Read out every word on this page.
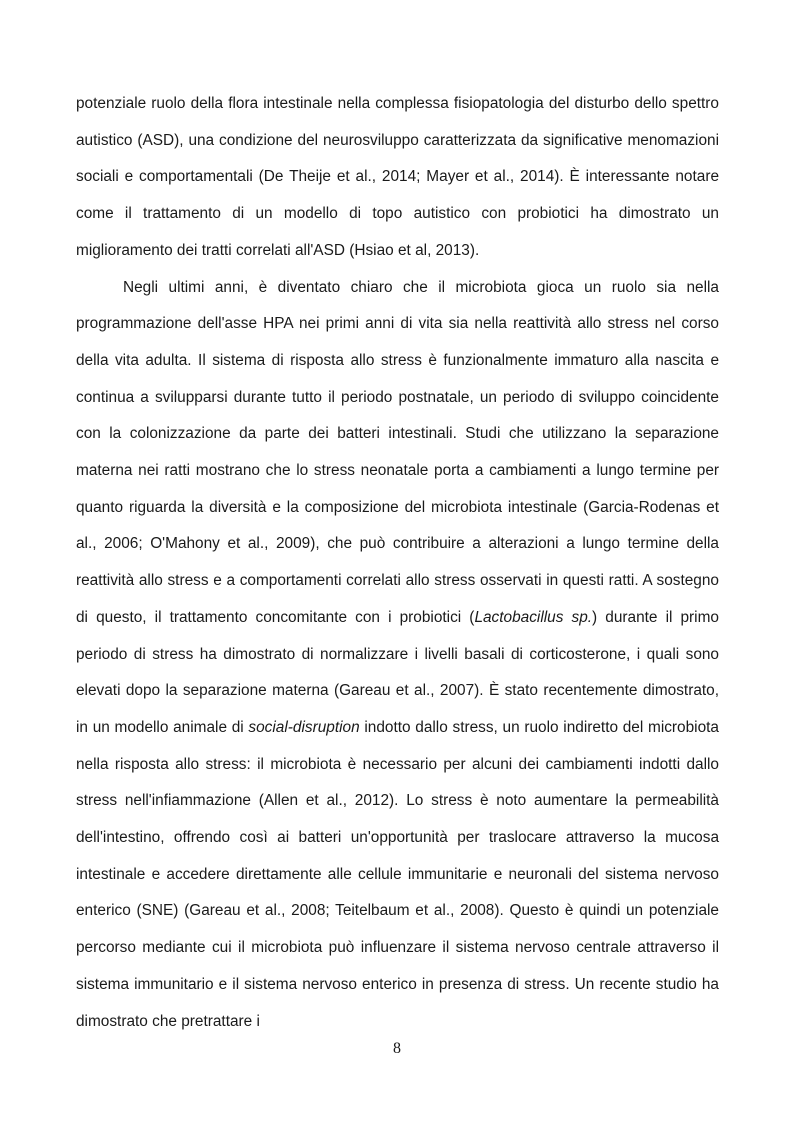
potenziale ruolo della flora intestinale nella complessa fisiopatologia del disturbo dello spettro autistico (ASD), una condizione del neurosviluppo caratterizzata da significative menomazioni sociali e comportamentali (De Theije et al., 2014; Mayer et al., 2014). È interessante notare come il trattamento di un modello di topo autistico con probiotici ha dimostrato un miglioramento dei tratti correlati all'ASD (Hsiao et al, 2013).

Negli ultimi anni, è diventato chiaro che il microbiota gioca un ruolo sia nella programmazione dell'asse HPA nei primi anni di vita sia nella reattività allo stress nel corso della vita adulta. Il sistema di risposta allo stress è funzionalmente immaturo alla nascita e continua a svilupparsi durante tutto il periodo postnatale, un periodo di sviluppo coincidente con la colonizzazione da parte dei batteri intestinali. Studi che utilizzano la separazione materna nei ratti mostrano che lo stress neonatale porta a cambiamenti a lungo termine per quanto riguarda la diversità e la composizione del microbiota intestinale (Garcia-Rodenas et al., 2006; O'Mahony et al., 2009), che può contribuire a alterazioni a lungo termine della reattività allo stress e a comportamenti correlati allo stress osservati in questi ratti. A sostegno di questo, il trattamento concomitante con i probiotici (Lactobacillus sp.) durante il primo periodo di stress ha dimostrato di normalizzare i livelli basali di corticosterone, i quali sono elevati dopo la separazione materna (Gareau et al., 2007). È stato recentemente dimostrato, in un modello animale di social-disruption indotto dallo stress, un ruolo indiretto del microbiota nella risposta allo stress: il microbiota è necessario per alcuni dei cambiamenti indotti dallo stress nell'infiammazione (Allen et al., 2012). Lo stress è noto aumentare la permeabilità dell'intestino, offrendo così ai batteri un'opportunità per traslocare attraverso la mucosa intestinale e accedere direttamente alle cellule immunitarie e neuronali del sistema nervoso enterico (SNE) (Gareau et al., 2008; Teitelbaum et al., 2008). Questo è quindi un potenziale percorso mediante cui il microbiota può influenzare il sistema nervoso centrale attraverso il sistema immunitario e il sistema nervoso enterico in presenza di stress. Un recente studio ha dimostrato che pretrattare i

8
